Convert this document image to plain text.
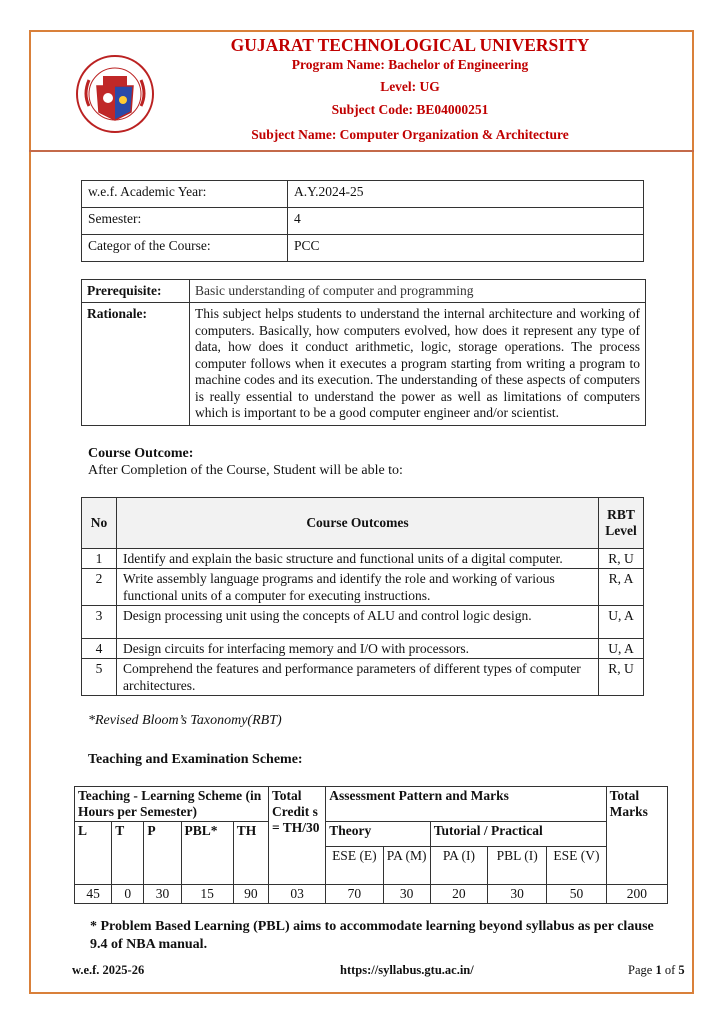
GUJARAT TECHNOLOGICAL UNIVERSITY
Program Name: Bachelor of Engineering
Level: UG
Subject Code: BE04000251
Subject Name: Computer Organization & Architecture
w.e.f. Academic Year:	A.Y.2024-25
Semester:	4
Categor of the Course:	PCC
Prerequisite:	Basic understanding of computer and programming
Rationale:	This subject helps students to understand the internal architecture and working of computers. Basically, how computers evolved, how does it represent any type of data, how does it conduct arithmetic, logic, storage operations. The process computer follows when it executes a program starting from writing a program to machine codes and its execution. The understanding of these aspects of computers is really essential to understand the power as well as limitations of computers which is important to be a good computer engineer and/or scientist.
Course Outcome:
After Completion of the Course, Student will be able to:
No	Course Outcomes	RBT Level
1	Identify and explain the basic structure and functional units of a digital computer.	R, U
2	Write assembly language programs and identify the role and working of various functional units of a computer for executing instructions.	R, A
3	Design processing unit using the concepts of ALU and control logic design.	U, A
4	Design circuits for interfacing memory and I/O with processors.	U, A
5	Comprehend the features and performance parameters of different types of computer architectures.	R, U
*Revised Bloom’s Taxonomy(RBT)
Teaching and Examination Scheme:
Teaching - Learning Scheme (in Hours per Semester)					Total Credit s = TH/30	Assessment Pattern and Marks					Total Marks
L	T	P	PBL*	TH		Theory		Tutorial / Practical			
						ESE (E)	PA (M)	PA (I)	PBL (I)	ESE (V)	
45	0	30	15	90	03	70	30	20	30	50	200
* Problem Based Learning (PBL) aims to accommodate learning beyond syllabus as per clause 9.4 of NBA manual.
w.e.f. 2025-26	https://syllabus.gtu.ac.in/	Page 1 of 5
